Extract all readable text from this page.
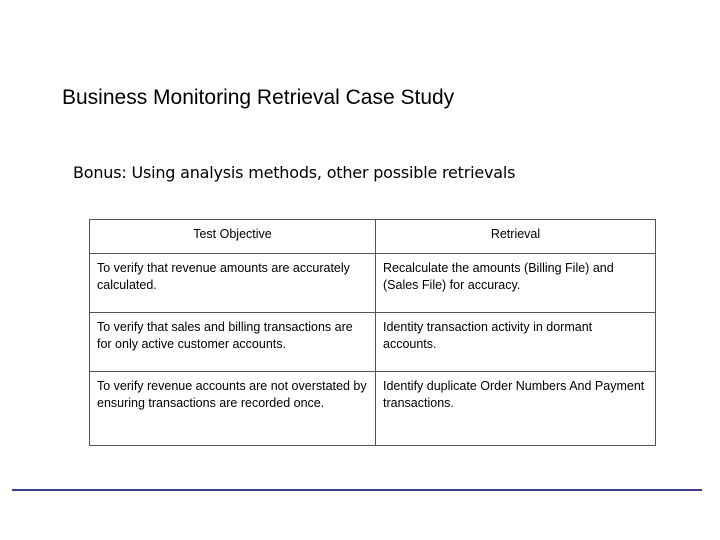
Business Monitoring Retrieval Case Study
Bonus: Using analysis methods, other possible retrievals
Test Objective	Retrieval
To verify that revenue amounts are accurately calculated.	Recalculate the amounts (Billing File) and (Sales File) for accuracy.
To verify that sales and billing transactions are for only active customer accounts.	Identity transaction activity in dormant accounts.
To verify revenue accounts are not overstated by ensuring transactions are recorded once.	Identify duplicate Order Numbers And Payment transactions.
